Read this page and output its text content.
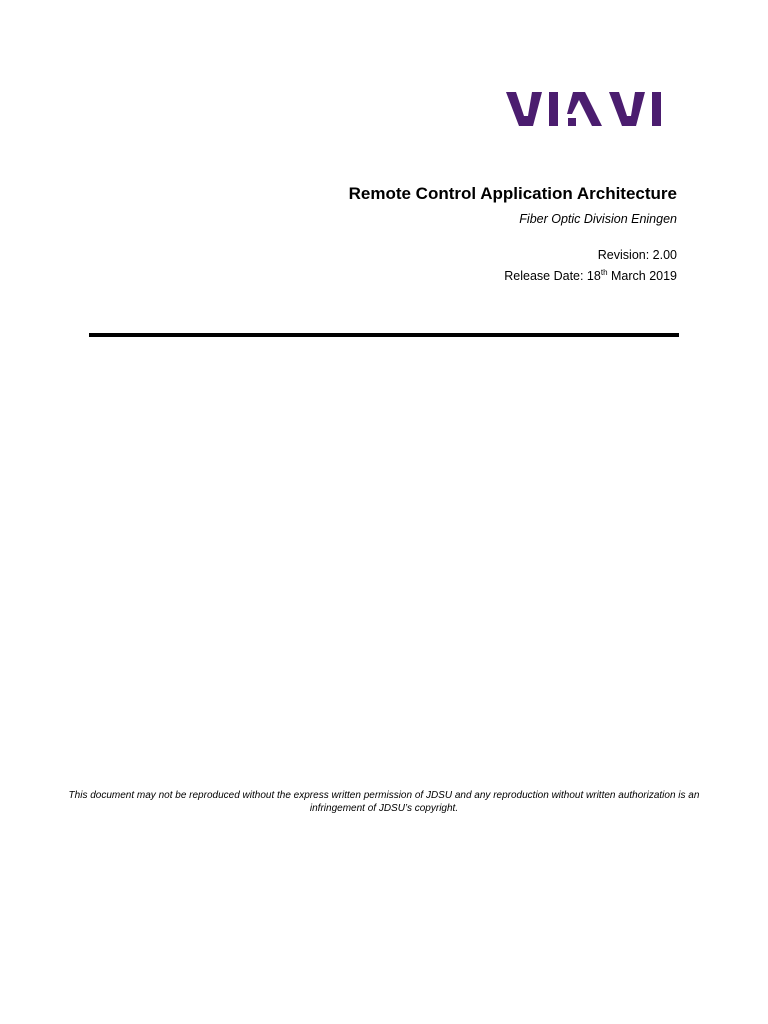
Remote Control Application Architecture
Fiber Optic Division Eningen
Revision: 2.00
Release Date: 18th March 2019
This document may not be reproduced without the express written permission of JDSU and any reproduction without written authorization is an infringement of JDSU’s copyright.
